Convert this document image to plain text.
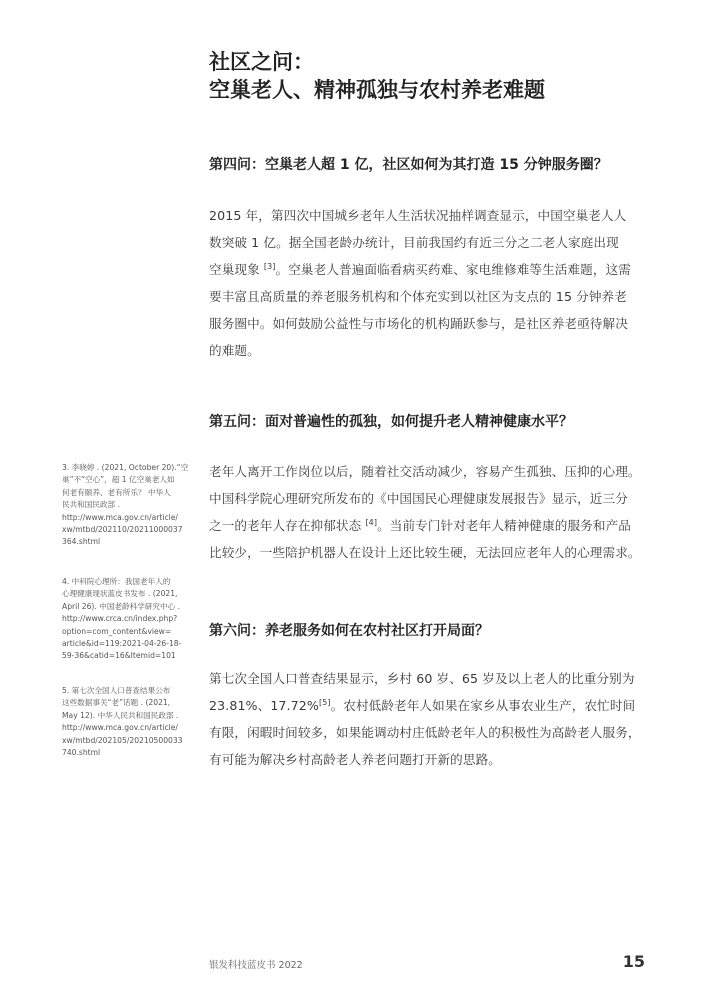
社区之问：
空巢老人、精神孤独与农村养老难题
第四问：空巢老人超 1 亿，社区如何为其打造 15 分钟服务圈？
2015 年，第四次中国城乡老年人生活状况抽样调查显示，中国空巢老人人
数突破 1 亿。据全国老龄办统计，目前我国约有近三分之二老人家庭出现
空巢现象 [3]。空巢老人普遍面临看病买药难、家电维修难等生活难题，这需
要丰富且高质量的养老服务机构和个体充实到以社区为支点的 15 分钟养老
服务圈中。如何鼓励公益性与市场化的机构踊跃参与，是社区养老亟待解决
的难题。
第五问：面对普遍性的孤独，如何提升老人精神健康水平？
老年人离开工作岗位以后，随着社交活动减少，容易产生孤独、压抑的心理。
中国科学院心理研究所发布的《中国国民心理健康发展报告》显示，近三分
之一的老年人存在抑郁状态 [4]。当前专门针对老年人精神健康的服务和产品
比较少，一些陪护机器人在设计上还比较生硬，无法回应老年人的心理需求。
第六问：养老服务如何在农村社区打开局面？
第七次全国人口普查结果显示，乡村 60 岁、65 岁及以上老人的比重分别为
23.81%、17.72%[5]。农村低龄老年人如果在家乡从事农业生产，农忙时间
有限，闲暇时间较多，如果能调动村庄低龄老年人的积极性为高龄老人服务，
有可能为解决乡村高龄老人养老问题打开新的思路。
3. 李晓婷 . (2021, October 20).“空
巢”不“空心”，超 1 亿空巢老人如
何老有颐养、老有所乐？ 中华人
民共和国民政部 .
http://www.mca.gov.cn/article/
xw/mtbd/202110/20211000037
364.shtml
4. 中科院心理所：我国老年人的
心理健康现状蓝皮书发布 . (2021,
April 26). 中国老龄科学研究中心 .
http://www.crca.cn/index.php?
option=com_content&view=
article&id=119:2021-04-26-18-
59-36&catid=16&Itemid=101
5. 第七次全国人口普查结果公布
这些数据事关“老”话题 . (2021,
May 12). 中华人民共和国民政部 .
http://www.mca.gov.cn/article/
xw/mtbd/202105/20210500033
740.shtml
银发科技蓝皮书 2022	15
